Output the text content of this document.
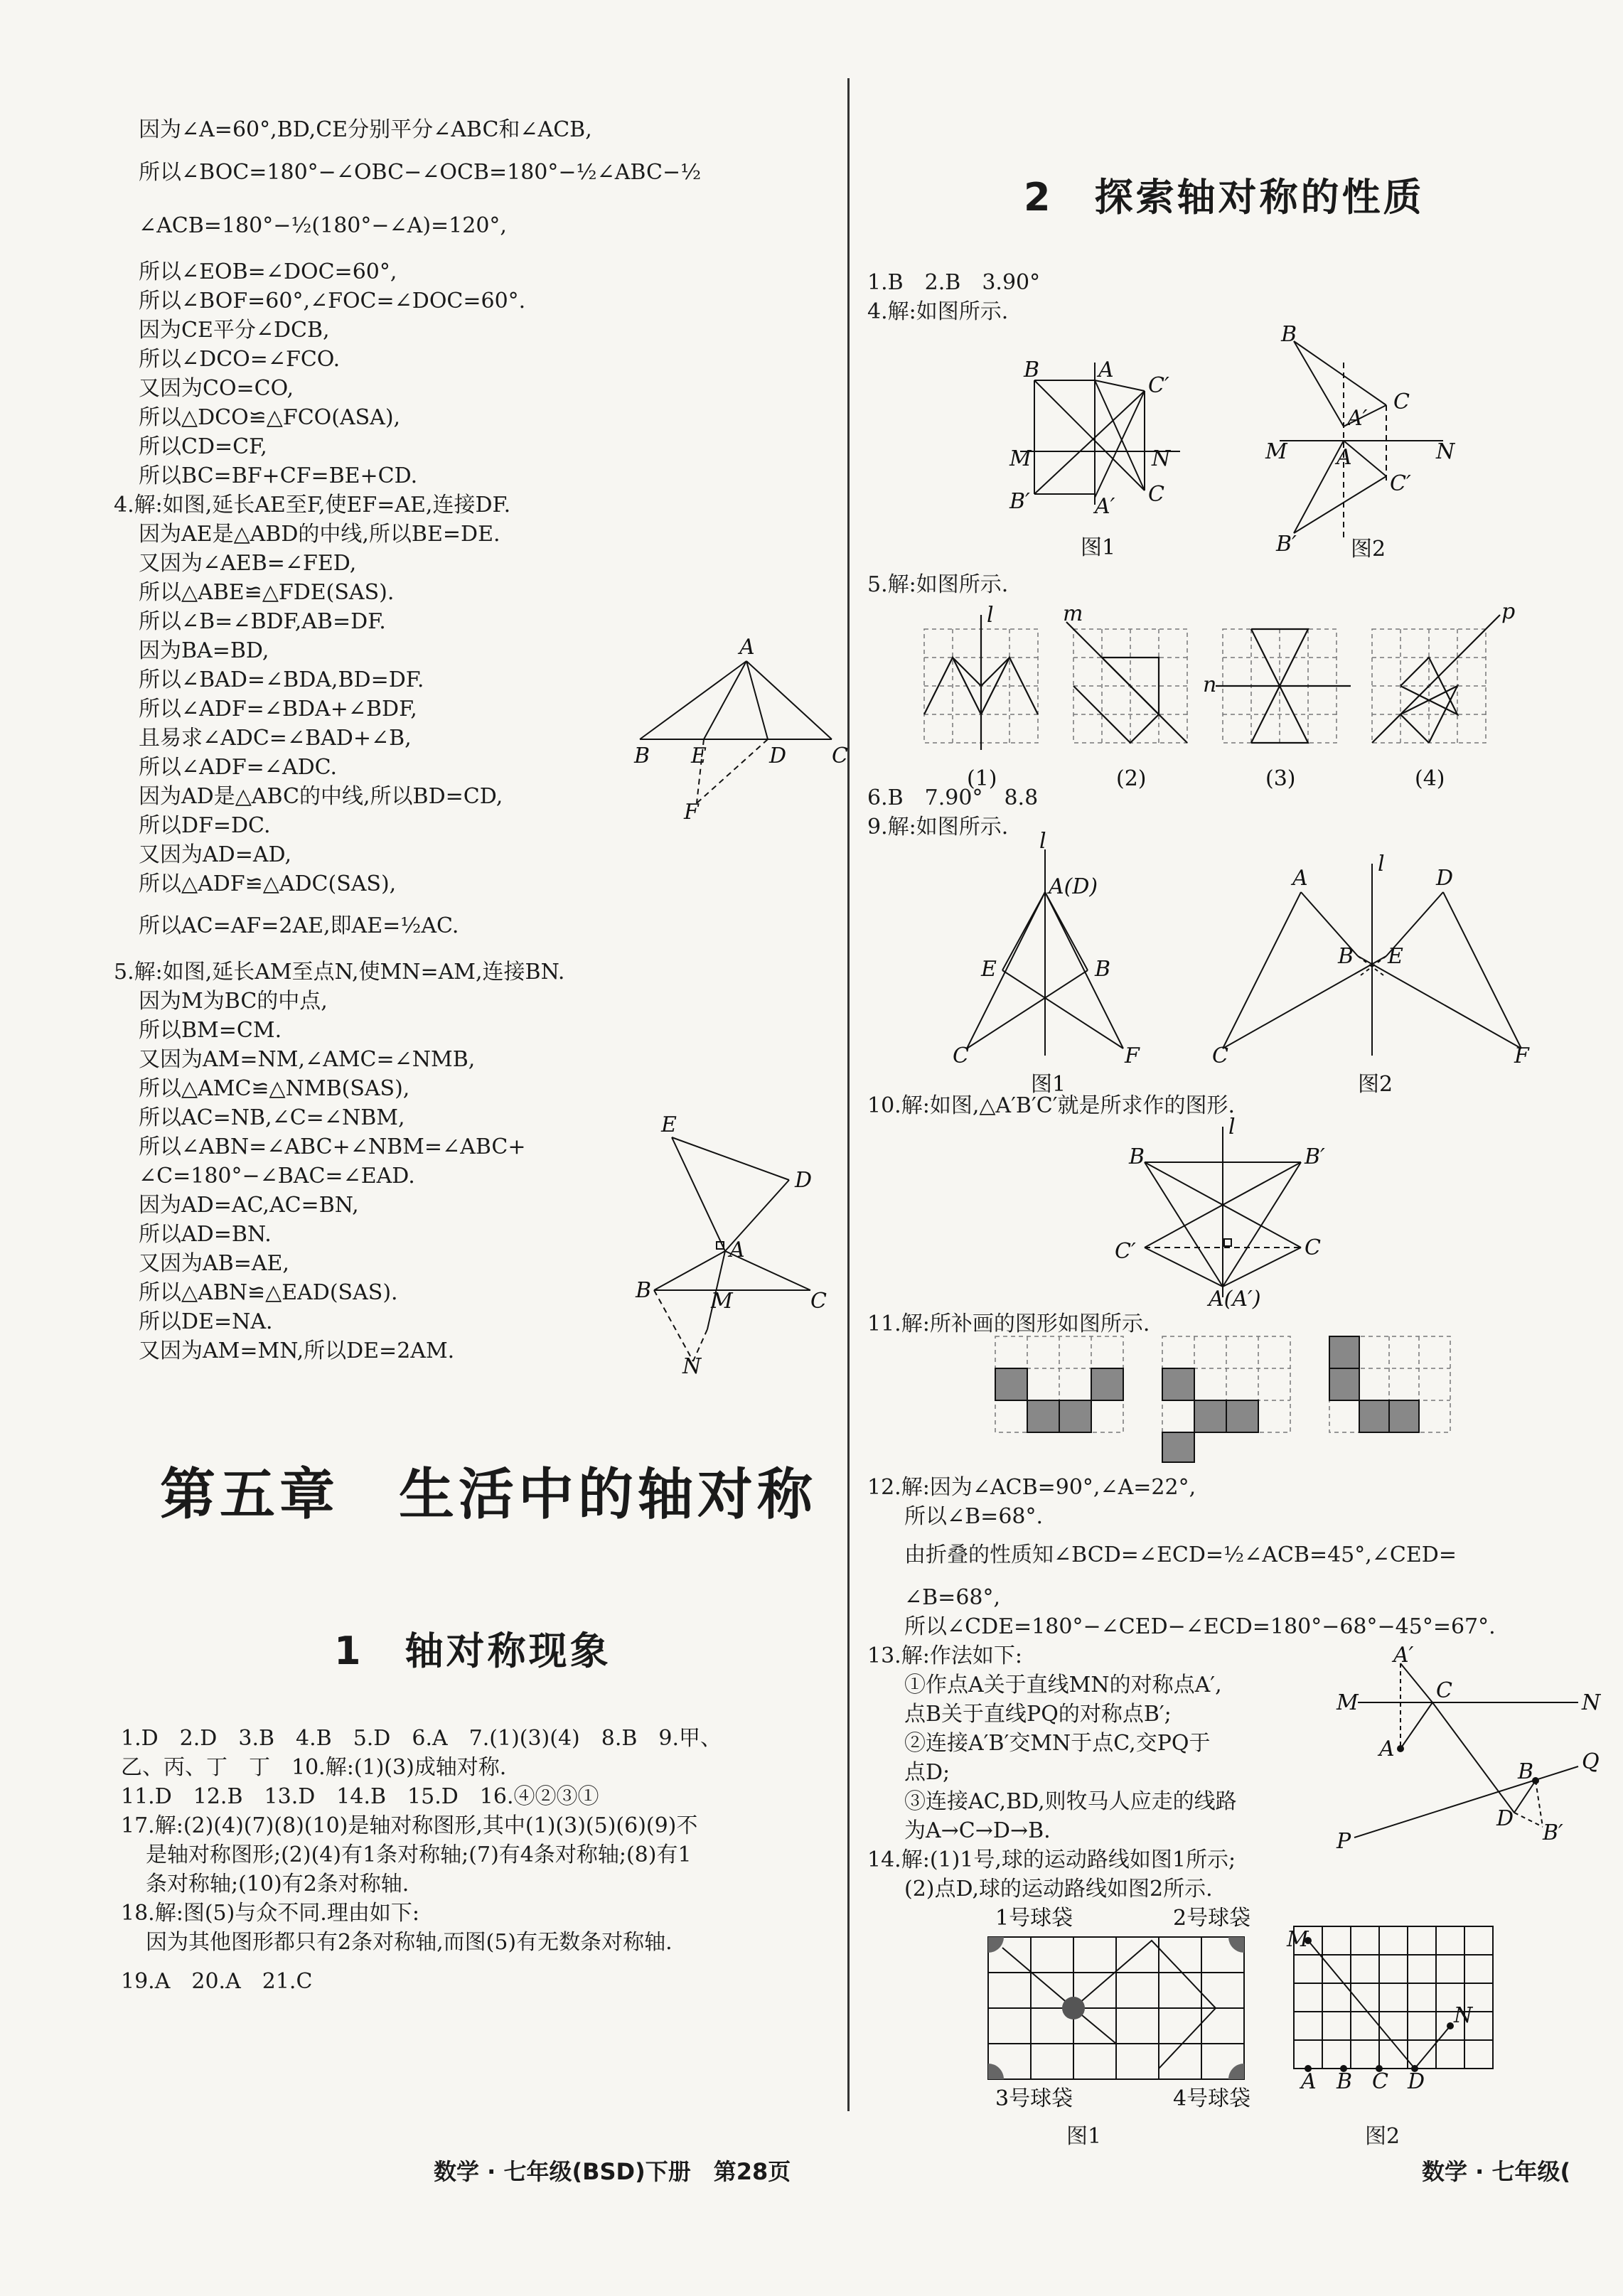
因为∠A=60°,BD,CE分别平分∠ABC和∠ACB,
所以∠BOC=180°−∠OBC−∠OCB=180°−½∠ABC−½
∠ACB=180°−½(180°−∠A)=120°,
所以∠EOB=∠DOC=60°,
所以∠BOF=60°,∠FOC=∠DOC=60°.
因为CE平分∠DCB,
所以∠DCO=∠FCO.
又因为CO=CO,
所以△DCO≌△FCO(ASA),
所以CD=CF,
所以BC=BF+CF=BE+CD.
4.解:如图,延长AE至F,使EF=AE,连接DF.
因为AE是△ABD的中线,所以BE=DE.
又因为∠AEB=∠FED,
所以△ABE≌△FDE(SAS).
所以∠B=∠BDF,AB=DF.
因为BA=BD,
所以∠BAD=∠BDA,BD=DF.
所以∠ADF=∠BDA+∠BDF,
且易求∠ADC=∠BAD+∠B,
所以∠ADF=∠ADC.
因为AD是△ABC的中线,所以BD=CD,
所以DF=DC.
又因为AD=AD,
所以△ADF≌△ADC(SAS),
所以AC=AF=2AE,即AE=½AC.
5.解:如图,延长AM至点N,使MN=AM,连接BN.
因为M为BC的中点,
所以BM=CM.
又因为AM=NM,∠AMC=∠NMB,
所以△AMC≌△NMB(SAS),
所以AC=NB,∠C=∠NBM,
所以∠ABN=∠ABC+∠NBM=∠ABC+
∠C=180°−∠BAC=∠EAD.
因为AD=AC,AC=BN,
所以AD=BN.
又因为AB=AE,
所以△ABN≌△EAD(SAS).
所以DE=NA.
又因为AM=MN,所以DE=2AM.
A
B E	D C
F
E
D
A
B	M	C
N
第五章　生活中的轴对称
1　轴对称现象
1.D　2.D　3.B　4.B　5.D　6.A　7.(1)(3)(4)　8.B　9.甲、
乙、丙、丁　丁　10.解:(1)(3)成轴对称.
11.D　12.B　13.D　14.B　15.D　16.④②③①
17.解:(2)(4)(7)(8)(10)是轴对称图形,其中(1)(3)(5)(6)(9)不
是轴对称图形;(2)(4)有1条对称轴;(7)有4条对称轴;(8)有1
条对称轴;(10)有2条对称轴.
18.解:图(5)与众不同.理由如下:
因为其他图形都只有2条对称轴,而图(5)有无数条对称轴.
19.A　20.A　21.C
数学 · 七年级(BSD)下册　第28页
2　探索轴对称的性质
1.B　2.B　3.90°
4.解:如图所示.
B	A
C′
M	N
B′	A′ C
图1
B
C
A′
M A	N
C′
B′	图2
5.解:如图所示.
l	m
n
p
(1)	(2)	(3)	(4)
6.B　7.90°　8.8
9.解:如图所示.
l
A(D)
E	B
C	F
图1
A
l
D
B E
C	F
图2
10.解:如图,△A′B′C′就是所求作的图形.
l
B	B′
C′	C
A(A′)
11.解:所补画的图形如图所示.
12.解:因为∠ACB=90°,∠A=22°,
所以∠B=68°.
由折叠的性质知∠BCD=∠ECD=½∠ACB=45°,∠CED=
∠B=68°,
所以∠CDE=180°−∠CED−∠ECD=180°−68°−45°=67°.
13.解:作法如下:
①作点A关于直线MN的对称点A′,
点B关于直线PQ的对称点B′;
②连接A′B′交MN于点C,交PQ于
点D;
③连接AC,BD,则牧马人应走的线路
为A→C→D→B.
A′
M	C	N
A
B Q
D
B′
P
14.解:(1)1号,球的运动路线如图1所示;
(2)点D,球的运动路线如图2所示.
1号球袋	2号球袋
3号球袋	4号球袋
M
N
A B C D
图1	图2
数学 · 七年级(
